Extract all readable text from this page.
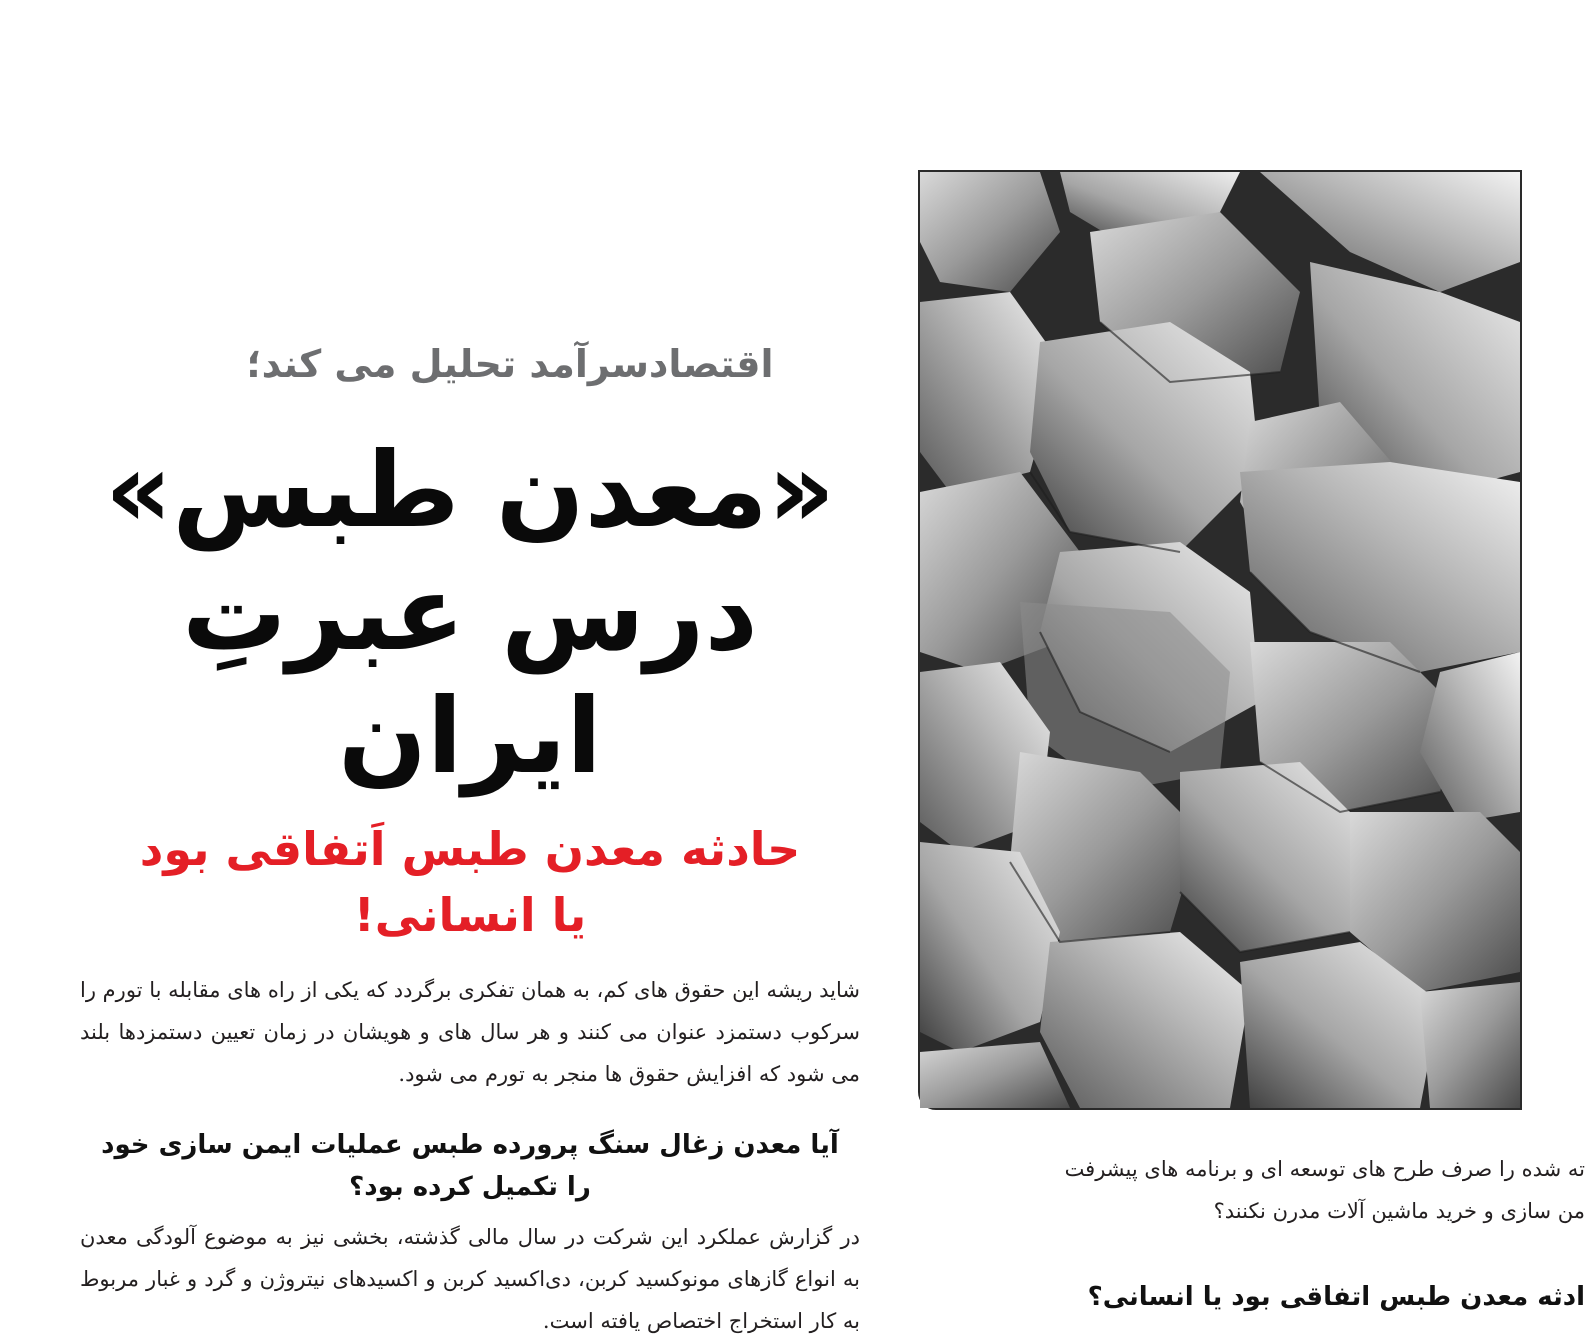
اقتصادسرآمد تحلیل می کند؛
«معدن طبس»
درس عبرتِ ایران
حادثه معدن طبس اَتفاقی بود
یا انسانی!

شاید ریشه این حقوق های کم، به همان تفکری برگردد که یکی از راه های مقابله با تورم را سرکوب دستمزد عنوان می کنند و هر سال های و هویشان در زمان تعیین دستمزدها بلند می شود که افزایش حقوق ها منجر به تورم می شود.

آیا معدن زغال سنگ پرورده طبس عملیات ایمن سازی خود را تکمیل کرده بود؟

در گزارش عملکرد این شرکت در سال مالی گذشته، بخشی نیز به موضوع آلودگی معدن به انواع گازهای مونوکسید کربن، دی‌اکسید کربن و اکسیدهای نیتروژن و گرد و غبار مربوط به کار استخراج اختصاص یافته است.

ته شده را صرف طرح های توسعه ای و برنامه های پیشرفت
من سازی و خرید ماشین آلات مدرن نکنند؟

ادثه معدن طبس اتفاقی بود یا انسانی؟
